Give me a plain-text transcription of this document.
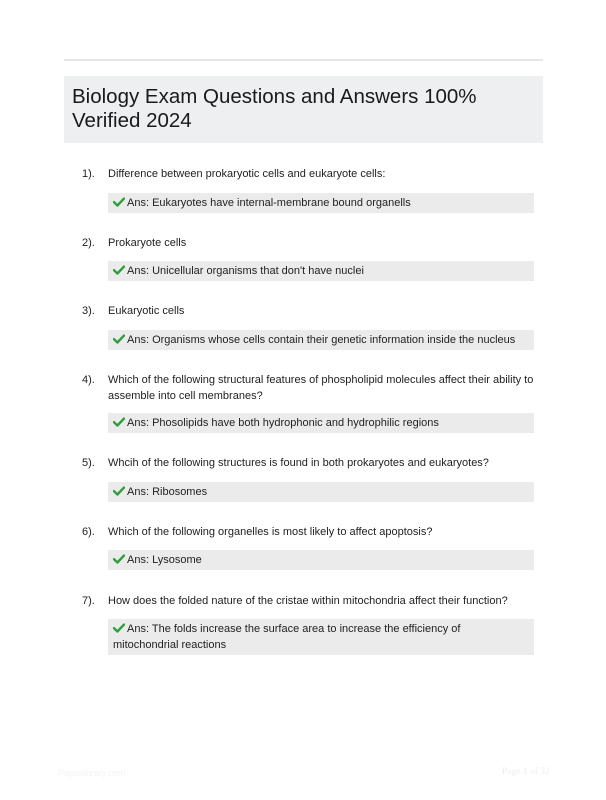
Biology Exam Questions and Answers 100% Verified 2024
1). Difference between prokaryotic cells and eukaryote cells:
Ans: Eukaryotes have internal-membrane bound organells
2). Prokaryote cells
Ans: Unicellular organisms that don't have nuclei
3). Eukaryotic cells
Ans: Organisms whose cells contain their genetic information inside the nucleus
4). Which of the following structural features of phospholipid molecules affect their ability to assemble into cell membranes?
Ans: Phosolipids have both hydrophonic and hydrophilic regions
5). Whcih of the following structures is found in both prokaryotes and eukaryotes?
Ans: Ribosomes
6). Which of the following organelles is most likely to affect apoptosis?
Ans: Lysosome
7). How does the folded nature of the cristae within mitochondria affect their function?
Ans: The folds increase the surface area to increase the efficiency of mitochondrial reactions
Paperlibrary.com	Page 1 of 32
